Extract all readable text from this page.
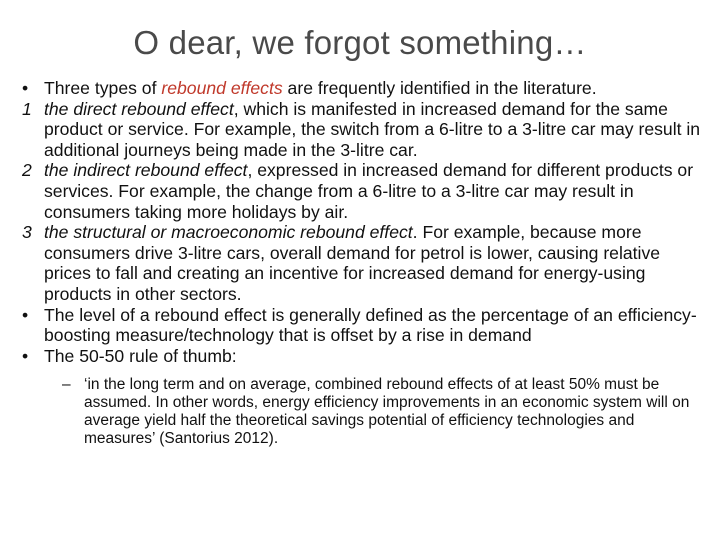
O dear, we forgot something…
• Three types of rebound effects are frequently identified in the literature.
1 the direct rebound effect, which is manifested in increased demand for the same product or service. For example, the switch from a 6-litre to a 3-litre car may result in additional journeys being made in the 3-litre car.
2 the indirect rebound effect, expressed in increased demand for different products or services. For example, the change from a 6-litre to a 3-litre car may result in consumers taking more holidays by air.
3 the structural or macroeconomic rebound effect. For example, because more consumers drive 3-litre cars, overall demand for petrol is lower, causing relative prices to fall and creating an incentive for increased demand for energy-using products in other sectors.
• The level of a rebound effect is generally defined as the percentage of an efficiency-boosting measure/technology that is offset by a rise in demand
• The 50-50 rule of thumb:
– ‘in the long term and on average, combined rebound effects of at least 50% must be assumed. In other words, energy efficiency improvements in an economic system will on average yield half the theoretical savings potential of efficiency technologies and measures’ (Santorius 2012).
